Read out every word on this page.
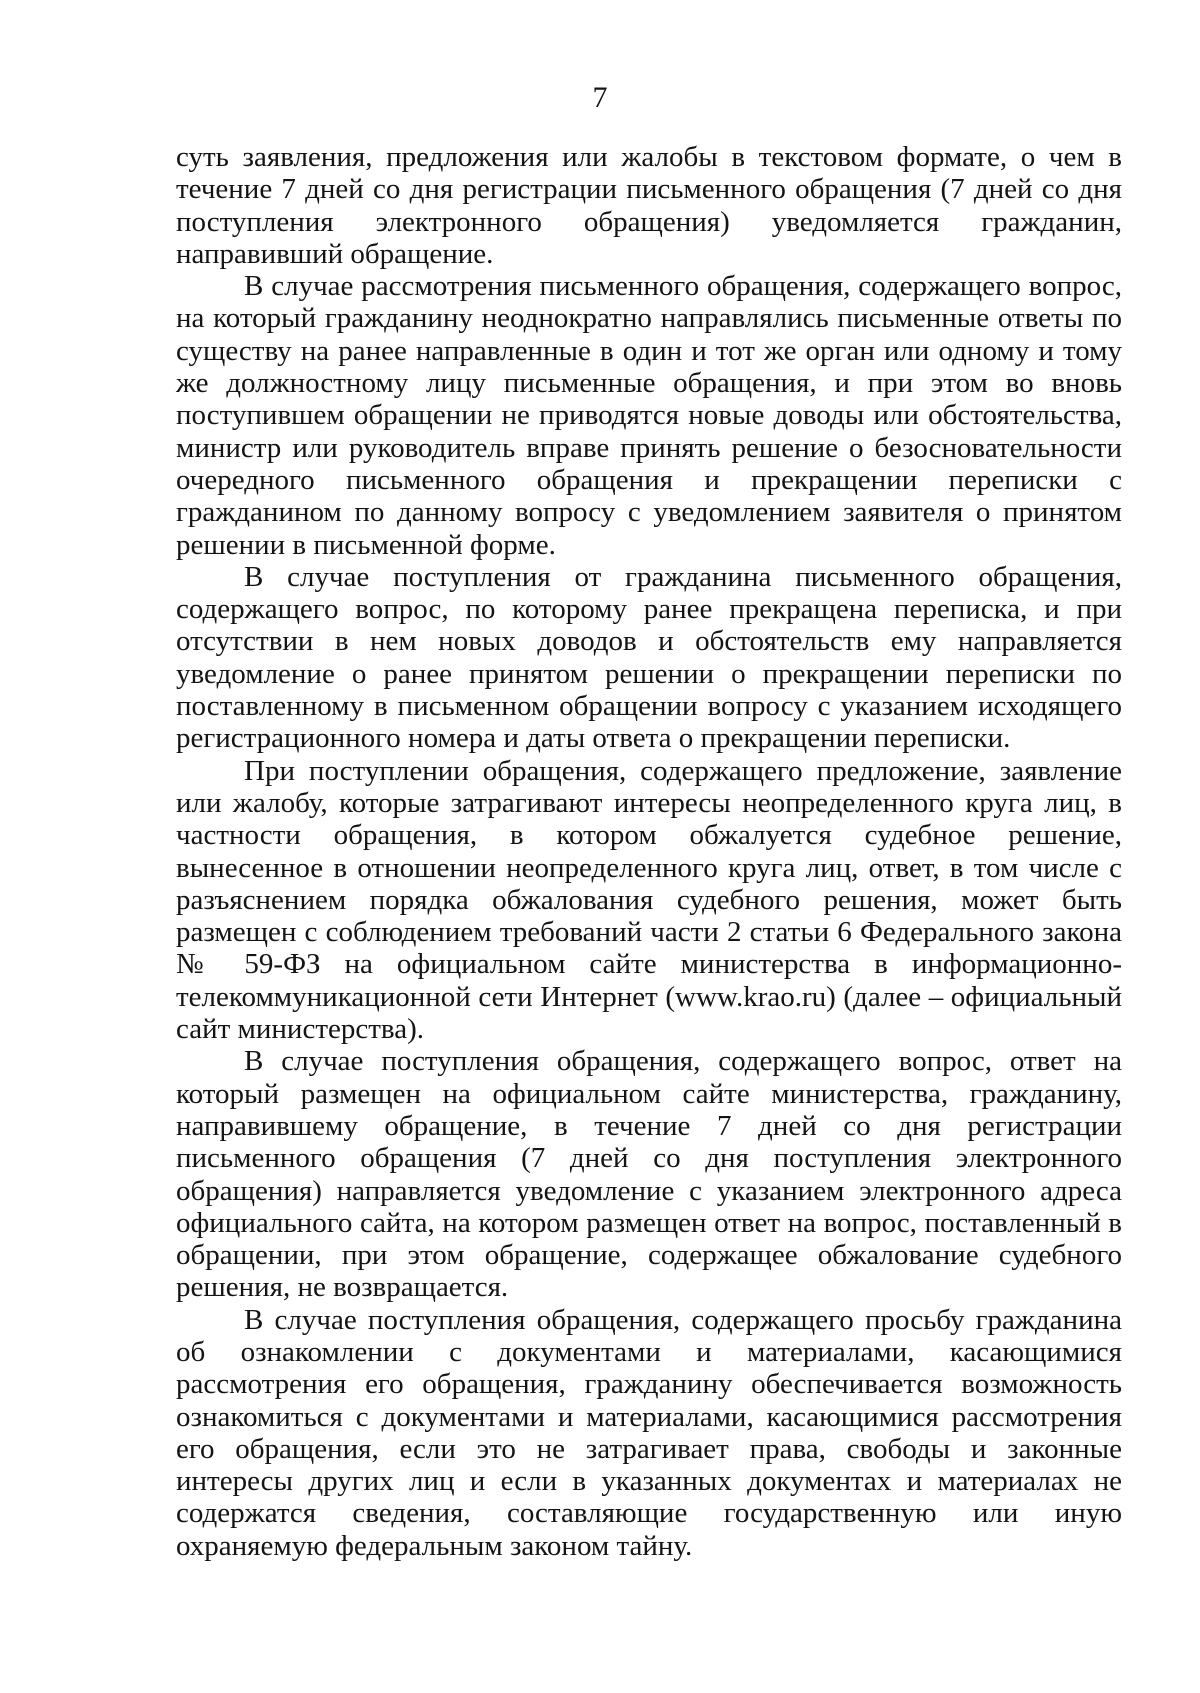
7

суть заявления, предложения или жалобы в текстовом формате, о чем в течение 7 дней со дня регистрации письменного обращения (7 дней со дня поступления электронного обращения) уведомляется гражданин, направивший обращение.

В случае рассмотрения письменного обращения, содержащего вопрос, на который гражданину неоднократно направлялись письменные ответы по существу на ранее направленные в один и тот же орган или одному и тому же должностному лицу письменные обращения, и при этом во вновь поступившем обращении не приводятся новые доводы или обстоятельства, министр или руководитель вправе принять решение о безосновательности очередного письменного обращения и прекращении переписки с гражданином по данному вопросу с уведомлением заявителя о принятом решении в письменной форме.

В случае поступления от гражданина письменного обращения, содержащего вопрос, по которому ранее прекращена переписка, и при отсутствии в нем новых доводов и обстоятельств ему направляется уведомление о ранее принятом решении о прекращении переписки по поставленному в письменном обращении вопросу с указанием исходящего регистрационного номера и даты ответа о прекращении переписки.

При поступлении обращения, содержащего предложение, заявление или жалобу, которые затрагивают интересы неопределенного круга лиц, в частности обращения, в котором обжалуется судебное решение, вынесенное в отношении неопределенного круга лиц, ответ, в том числе с разъяснением порядка обжалования судебного решения, может быть размещен с соблюдением требований части 2 статьи 6 Федерального закона № 59-ФЗ на официальном сайте министерства в информационно-телекоммуникационной сети Интернет (www.krao.ru) (далее – официальный сайт министерства).

В случае поступления обращения, содержащего вопрос, ответ на который размещен на официальном сайте министерства, гражданину, направившему обращение, в течение 7 дней со дня регистрации письменного обращения (7 дней со дня поступления электронного обращения) направляется уведомление с указанием электронного адреса официального сайта, на котором размещен ответ на вопрос, поставленный в обращении, при этом обращение, содержащее обжалование судебного решения, не возвращается.

В случае поступления обращения, содержащего просьбу гражданина об ознакомлении с документами и материалами, касающимися рассмотрения его обращения, гражданину обеспечивается возможность ознакомиться с документами и материалами, касающимися рассмотрения его обращения, если это не затрагивает права, свободы и законные интересы других лиц и если в указанных документах и материалах не содержатся сведения, составляющие государственную или иную охраняемую федеральным законом тайну.
